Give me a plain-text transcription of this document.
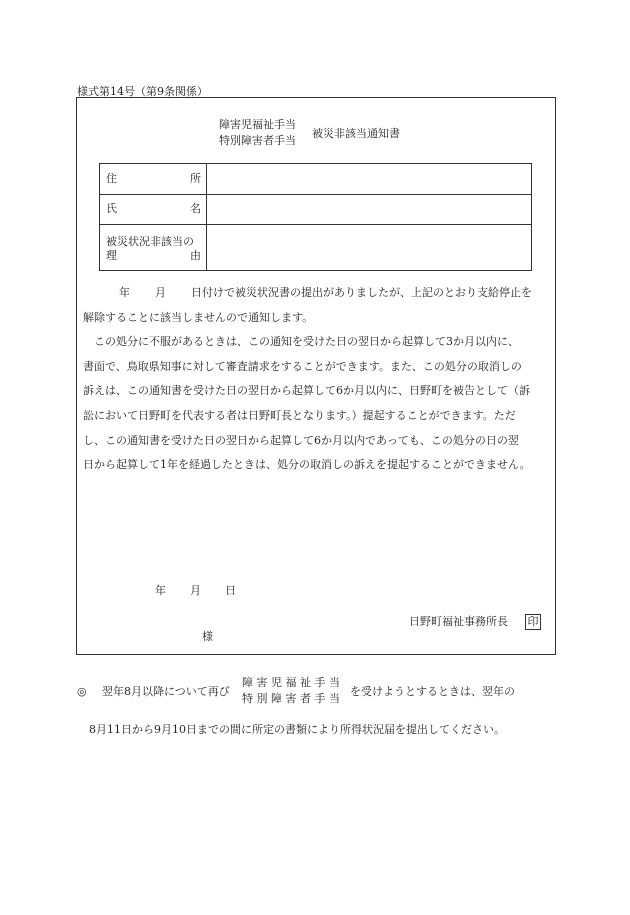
様式第14号（第9条関係）
障害児福祉手当
特別障害者手当
被災非該当通知書
住	所
氏	名
被災状況非該当の
理	由
年 月 日付けで被災状況書の提出がありましたが、上記のとおり支給停止を
解除することに該当しませんので通知します。
　この処分に不服があるときは、この通知を受けた日の翌日から起算して3か月以内に、
書面で、鳥取県知事に対して審査請求をすることができます。また、この処分の取消しの
訴えは、この通知書を受けた日の翌日から起算して6か月以内に、日野町を被告として（訴
訟において日野町を代表する者は日野町長となります。）提起することができます。ただ
し、この通知書を受けた日の翌日から起算して6か月以内であっても、この処分の日の翌
日から起算して1年を経過したときは、処分の取消しの訴えを提起することができません。
年 月 日
日野町福祉事務所長 印
様
◎ 翌年8月以降について再び
障 害 児 福 祉 手 当
特 別 障 害 者 手 当
を受けようとするときは、翌年の
8月11日から9月10日までの間に所定の書類により所得状況届を提出してください。
